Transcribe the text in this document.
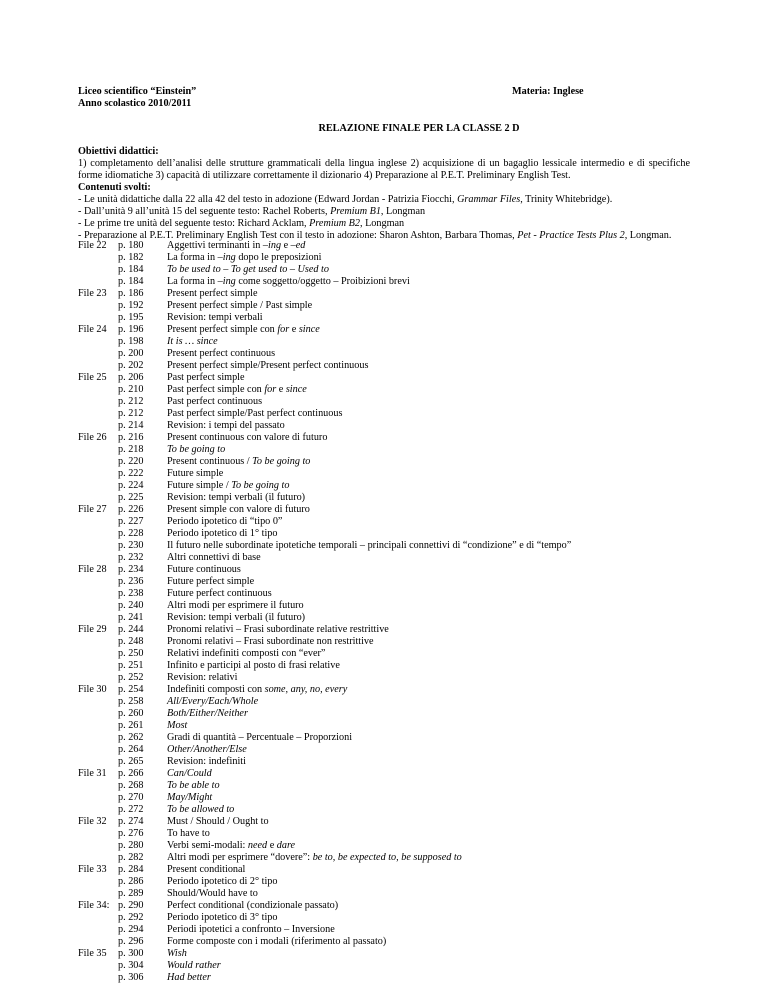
Liceo scientifico “Einstein”
Anno scolastico 2010/2011
Materia: Inglese
RELAZIONE FINALE PER LA CLASSE 2 D

Obiettivi didattici:

1) completamento dell’analisi delle strutture grammaticali della lingua inglese 2) acquisizione di un bagaglio lessicale intermedio e di specifiche forme idiomatiche 3) capacità di utilizzare correttamente il dizionario 4) Preparazione al P.E.T. Preliminary English Test.

Contenuti svolti:

- Le unità didattiche dalla 22 alla 42 del testo in adozione (Edward Jordan - Patrizia Fiocchi, Grammar Files, Trinity Whitebridge).

- Dall’unità 9 all’unità 15 del seguente testo: Rachel Roberts, Premium B1, Longman

- Le prime tre unità del seguente testo: Richard Acklam, Premium B2, Longman

- Preparazione al P.E.T. Preliminary English Test con il testo in adozione: Sharon Ashton, Barbara Thomas, Pet - Practice Tests Plus 2, Longman.

File 22	p. 180	Aggettivi terminanti in –ing e –ed
p. 182	La forma in –ing dopo le preposizioni
p. 184	To be used to – To get used to – Used to
p. 184	La forma in –ing come soggetto/oggetto – Proibizioni brevi
File 23	p. 186	Present perfect simple
p. 192	Present perfect simple / Past simple
p. 195	Revision: tempi verbali
File 24	p. 196	Present perfect simple con for e since
p. 198	It is … since
p. 200	Present perfect continuous
p. 202	Present perfect simple/Present perfect continuous
File 25	p. 206	Past perfect simple
p. 210	Past perfect simple con for e since
p. 212	Past perfect continuous
p. 212	Past perfect simple/Past perfect continuous
p. 214	Revision: i tempi del passato
File 26	p. 216	Present continuous con valore di futuro
p. 218	To be going to
p. 220	Present continuous / To be going to
p. 222	Future simple
p. 224	Future simple / To be going to
p. 225	Revision: tempi verbali (il futuro)
File 27	p. 226	Present simple con valore di futuro
p. 227	Periodo ipotetico di “tipo 0”
p. 228	Periodo ipotetico di 1° tipo
p. 230	Il futuro nelle subordinate ipotetiche temporali – principali connettivi di “condizione” e di “tempo”
p. 232	Altri connettivi di base
File 28	p. 234	Future continuous
p. 236	Future perfect simple
p. 238	Future perfect continuous
p. 240	Altri modi per esprimere il futuro
p. 241	Revision: tempi verbali (il futuro)
File 29	p. 244	Pronomi relativi – Frasi subordinate relative restrittive
p. 248	Pronomi relativi – Frasi subordinate non restrittive
p. 250	Relativi indefiniti composti con “ever”
p. 251	Infinito e participi al posto di frasi relative
p. 252	Revision: relativi
File 30	p. 254	Indefiniti composti con some, any, no, every
p. 258	All/Every/Each/Whole
p. 260	Both/Either/Neither
p. 261	Most
p. 262	Gradi di quantità – Percentuale – Proporzioni
p. 264	Other/Another/Else
p. 265	Revision: indefiniti
File 31	p. 266	Can/Could
p. 268	To be able to
p. 270	May/Might
p. 272	To be allowed to
File 32	p. 274	Must / Should / Ought to
p. 276	To have to
p. 280	Verbi semi-modali: need e dare
p. 282	Altri modi per esprimere “dovere”: be to, be expected to, be supposed to
File 33	p. 284	Present conditional
p. 286	Periodo ipotetico di 2° tipo
p. 289	Should/Would have to
File 34: p. 290	Perfect conditional (condizionale passato)
p. 292	Periodo ipotetico di 3° tipo
p. 294	Periodi ipotetici a confronto – Inversione
p. 296	Forme composte con i modali (riferimento al passato)
File 35	p. 300	Wish
p. 304	Would rather
p. 306	Had better
